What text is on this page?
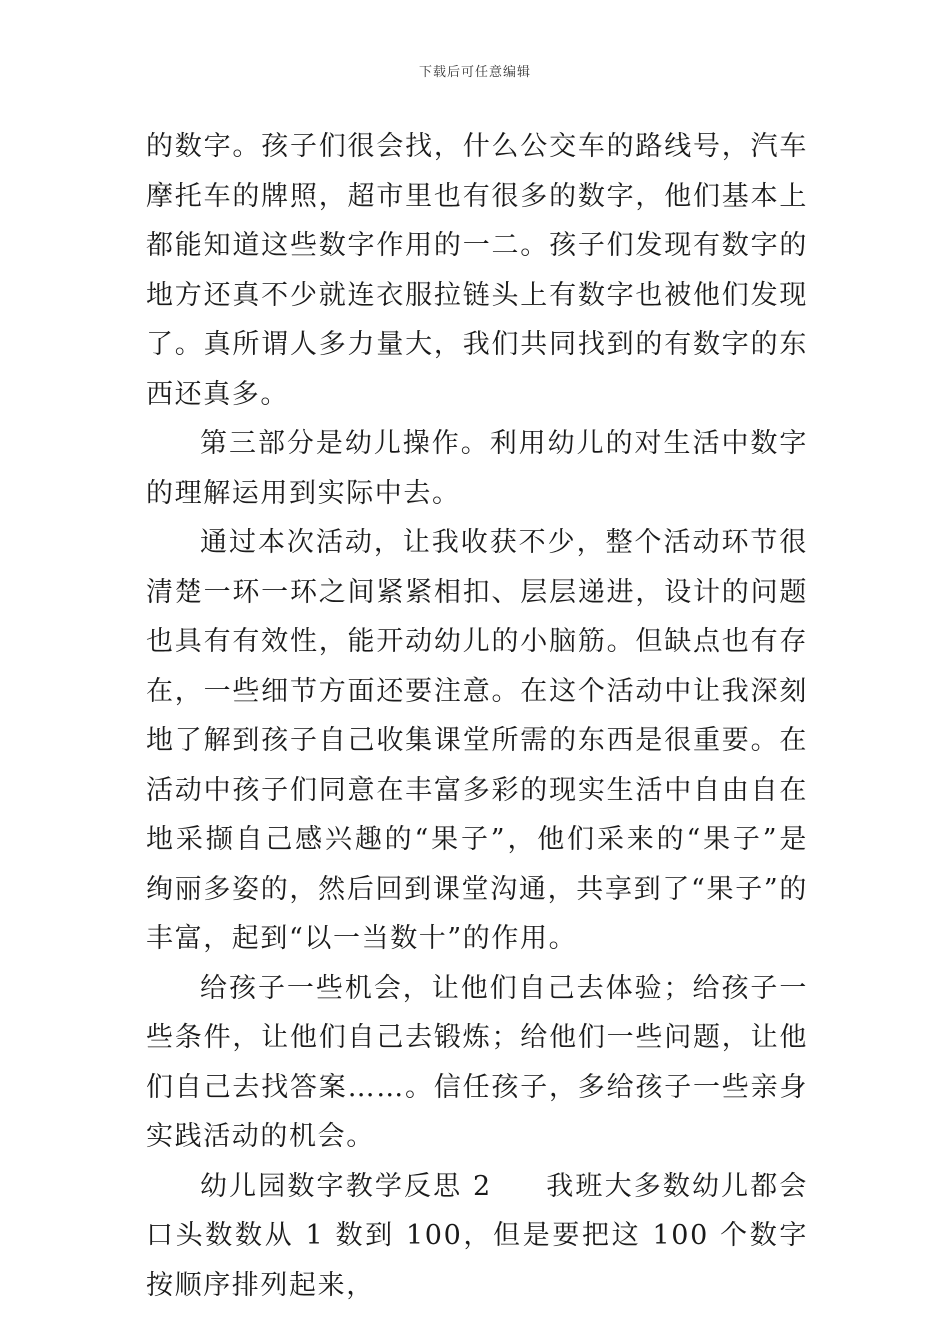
下载后可任意编辑

的数字。孩子们很会找，什么公交车的路线号，汽车摩托车的牌照，超市里也有很多的数字，他们基本上都能知道这些数字作用的一二。孩子们发现有数字的地方还真不少就连衣服拉链头上有数字也被他们发现了。真所谓人多力量大，我们共同找到的有数字的东西还真多。

第三部分是幼儿操作。利用幼儿的对生活中数字的理解运用到实际中去。

通过本次活动，让我收获不少，整个活动环节很清楚一环一环之间紧紧相扣、层层递进，设计的问题也具有有效性，能开动幼儿的小脑筋。但缺点也有存在，一些细节方面还要注意。在这个活动中让我深刻地了解到孩子自己收集课堂所需的东西是很重要。在活动中孩子们同意在丰富多彩的现实生活中自由自在地采撷自己感兴趣的“果子”，他们采来的“果子”是绚丽多姿的，然后回到课堂沟通，共享到了“果子”的丰富，起到“以一当数十”的作用。

给孩子一些机会，让他们自己去体验；给孩子一些条件，让他们自己去锻炼；给他们一些问题，让他们自己去找答案……。信任孩子，多给孩子一些亲身实践活动的机会。

幼儿园数字教学反思 2 我班大多数幼儿都会口头数数从 1 数到 100，但是要把这 100 个数字按顺序排列起来，
